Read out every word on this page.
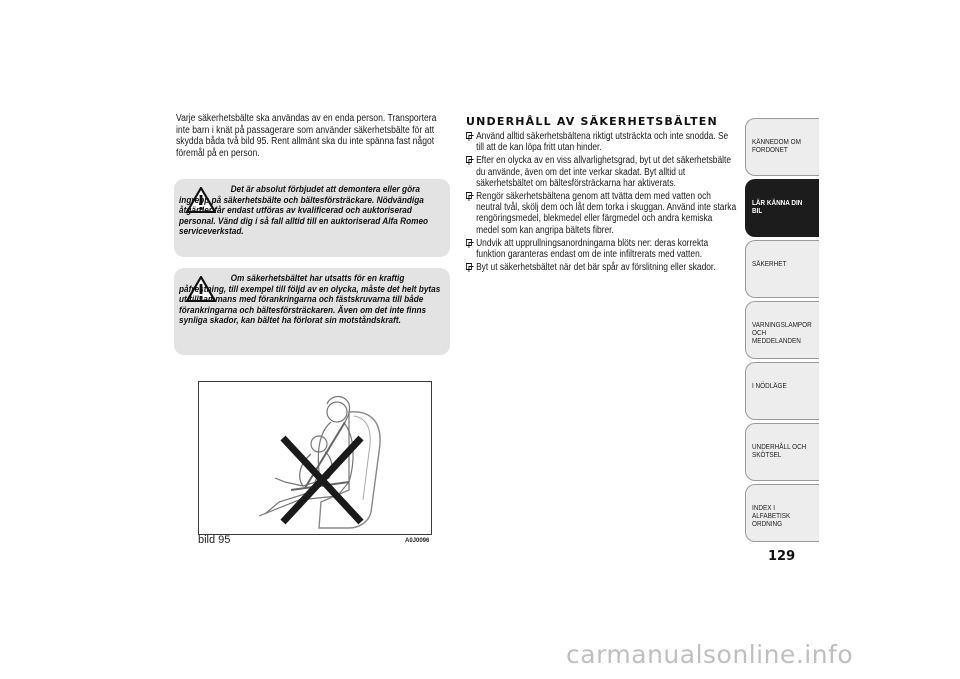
Varje säkerhetsbälte ska användas av en enda person. Transportera inte barn i knät på passagerare som använder säkerhetsbälte för att skydda båda två bild 95. Rent allmänt ska du inte spänna fast något föremål på en person.
Det är absolut förbjudet att demontera eller göra ingrepp på säkerhetsbälte och bältesförsträckare. Nödvändiga åtgärder får endast utföras av kvalificerad och auktoriserad personal. Vänd dig i så fall alltid till en auktoriserad Alfa Romeo serviceverkstad.
Om säkerhetsbältet har utsatts för en kraftig påfrestning, till exempel till följd av en olycka, måste det helt bytas ut tillsammans med förankringarna och fästskruvarna till både förankringarna och bältesförsträckaren. Även om det inte finns synliga skador, kan bältet ha förlorat sin motståndskraft.
bild 95	A0J0096
UNDERHÅLL AV SÄKERHETSBÄLTEN
Använd alltid säkerhetsbältena riktigt utsträckta och inte snodda. Se till att de kan löpa fritt utan hinder.
Efter en olycka av en viss allvarlighetsgrad, byt ut det säkerhetsbälte du använde, även om det inte verkar skadat. Byt alltid ut säkerhetsbältet om bältesförsträckarna har aktiverats.
Rengör säkerhetsbältena genom att tvätta dem med vatten och neutral tvål, skölj dem och låt dem torka i skuggan. Använd inte starka rengöringsmedel, blekmedel eller färgmedel och andra kemiska medel som kan angripa bältets fibrer.
Undvik att upprullningsanordningarna blöts ner: deras korrekta funktion garanteras endast om de inte infiltrerats med vatten.
Byt ut säkerhetsbältet när det bär spår av förslitning eller skador.
KÄNNEDOM OM FORDONET
LÄR KÄNNA DIN BIL
SÄKERHET
VARNINGSLAMPOR OCH MEDDELANDEN
I NÖDLÄGE
UNDERHÅLL OCH SKÖTSEL
INDEX I ALFABETISK ORDNING
129
carmanualsonline.info
